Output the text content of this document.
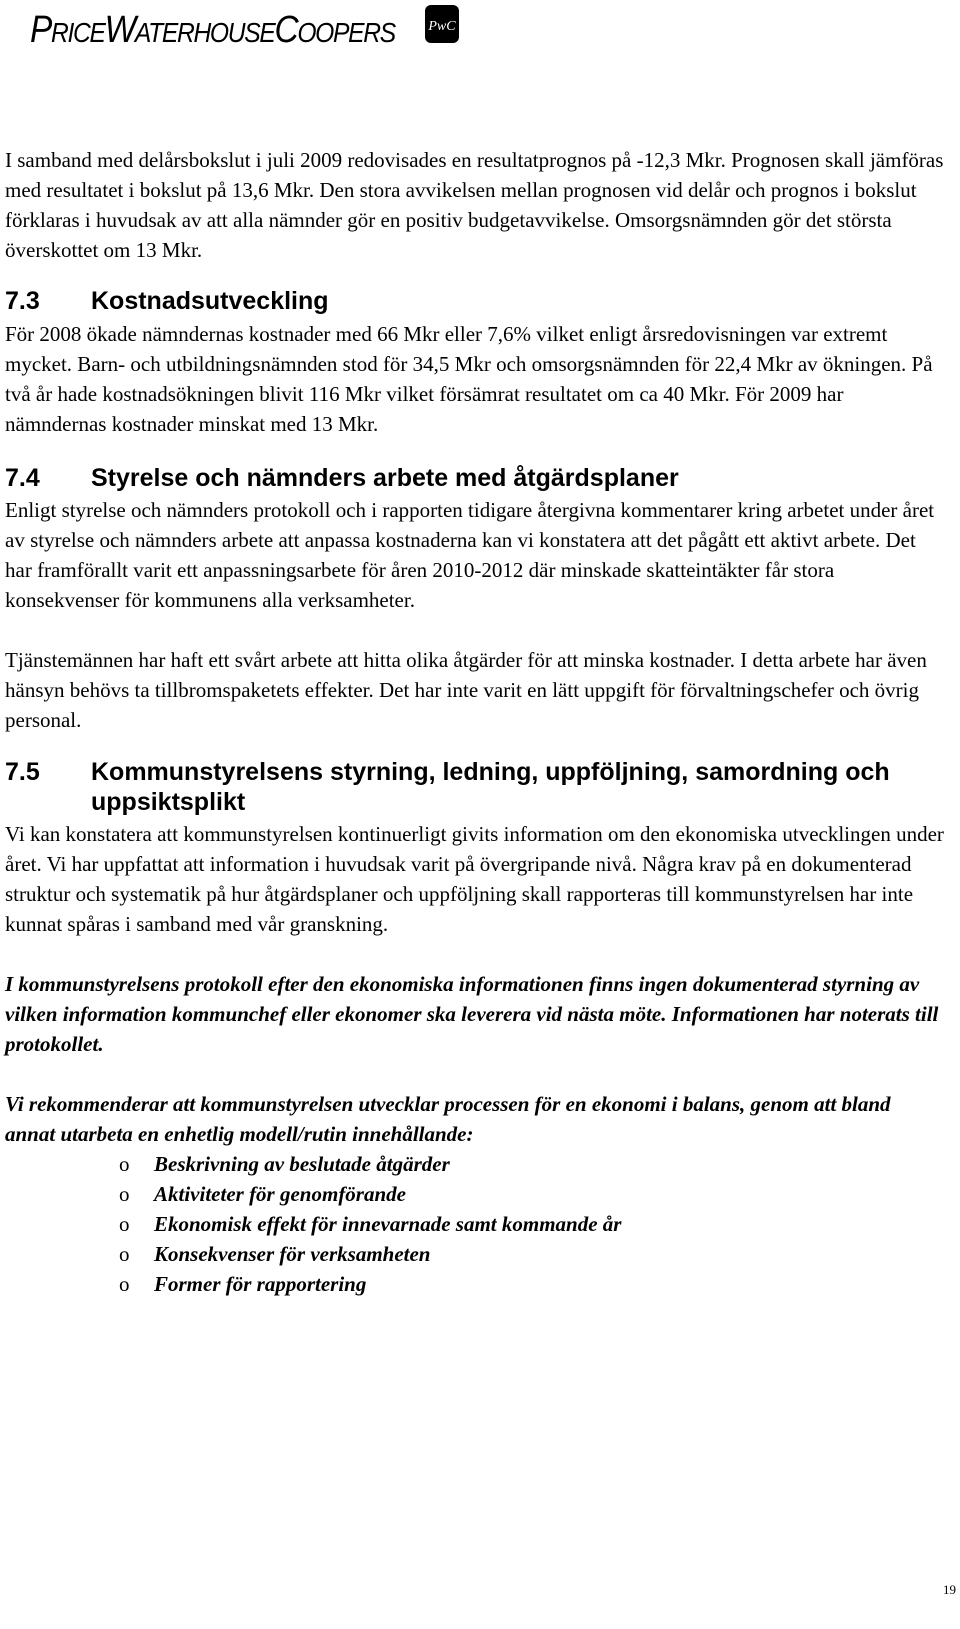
PRICEWATERHOUSECOOPERS PwC

I samband med delårsbokslut i juli 2009 redovisades en resultatprognos på -12,3 Mkr. Prognosen skall jämföras med resultatet i bokslut på 13,6 Mkr. Den stora avvikelsen mellan prognosen vid delår och prognos i bokslut förklaras i huvudsak av att alla nämnder gör en positiv budgetavvikelse. Omsorgsnämnden gör det största överskottet om 13 Mkr.

7.3 Kostnadsutveckling

För 2008 ökade nämndernas kostnader med 66 Mkr eller 7,6% vilket enligt årsredovisningen var extremt mycket. Barn- och utbildningsnämnden stod för 34,5 Mkr och omsorgsnämnden för 22,4 Mkr av ökningen. På två år hade kostnadsökningen blivit 116 Mkr vilket försämrat resultatet om ca 40 Mkr. För 2009 har nämndernas kostnader minskat med 13 Mkr.

7.4 Styrelse och nämnders arbete med åtgärdsplaner

Enligt styrelse och nämnders protokoll och i rapporten tidigare återgivna kommentarer kring arbetet under året av styrelse och nämnders arbete att anpassa kostnaderna kan vi konstatera att det pågått ett aktivt arbete. Det har framförallt varit ett anpassningsarbete för åren 2010-2012 där minskade skatteintäkter får stora konsekvenser för kommunens alla verksamheter.

Tjänstemännen har haft ett svårt arbete att hitta olika åtgärder för att minska kostnader. I detta arbete har även hänsyn behövs ta tillbromspaketets effekter. Det har inte varit en lätt uppgift för förvaltningschefer och övrig personal.

7.5 Kommunstyrelsens styrning, ledning, uppföljning, samordning och uppsiktsplikt

Vi kan konstatera att kommunstyrelsen kontinuerligt givits information om den ekonomiska utvecklingen under året. Vi har uppfattat att information i huvudsak varit på övergripande nivå. Några krav på en dokumenterad struktur och systematik på hur åtgärdsplaner och uppföljning skall rapporteras till kommunstyrelsen har inte kunnat spåras i samband med vår granskning.

I kommunstyrelsens protokoll efter den ekonomiska informationen finns ingen dokumenterad styrning av vilken information kommunchef eller ekonomer ska leverera vid nästa möte. Informationen har noterats till protokollet.

Vi rekommenderar att kommunstyrelsen utvecklar processen för en ekonomi i balans, genom att bland annat utarbeta en enhetlig modell/rutin innehållande:

o Beskrivning av beslutade åtgärder
o Aktiviteter för genomförande
o Ekonomisk effekt för innevarnade samt kommande år
o Konsekvenser för verksamheten
o Former för rapportering
19
